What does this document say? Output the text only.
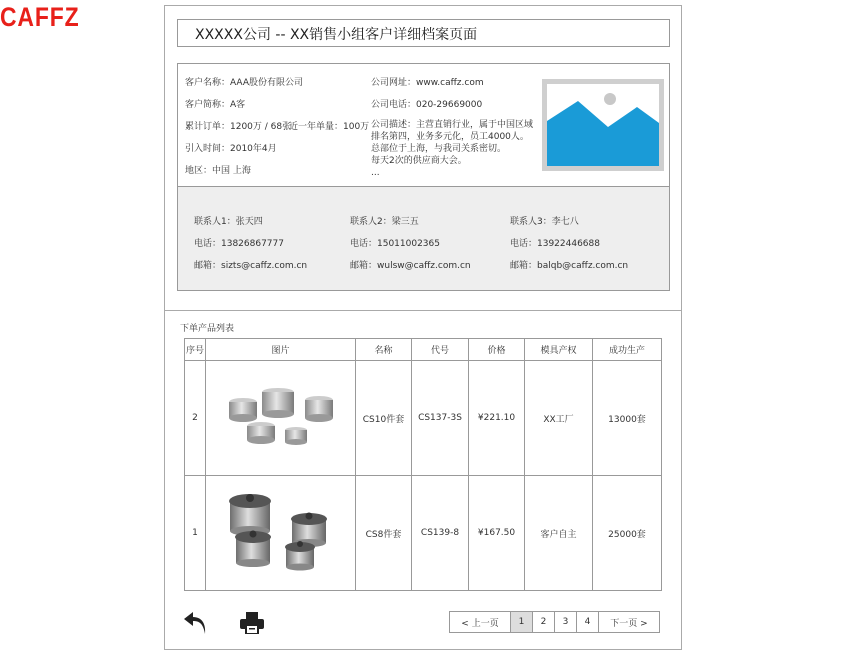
CAFFZ
XXXXX公司 -- XX销售小组客户详细档案页面
客户名称：AAA股份有限公司
客户简称：A客
累计订单：1200万 / 68张
近一年单量：100万
引入时间：2010年4月
地区：中国 上海
公司网址：www.caffz.com
公司电话：020-29669000
公司描述：主营直销行业，属于中国区域
排名第四，业务多元化，员工4000人。
总部位于上海，与我司关系密切。
每天2次的供应商大会。
...
联系人1：张天四
电话：13826867777
邮箱：sizts@caffz.com.cn
联系人2：梁三五
电话：15011002365
邮箱：wulsw@caffz.com.cn
联系人3：李七八
电话：13922446688
邮箱：balqb@caffz.com.cn
下单产品列表
序号	图片	名称	代号	价格	模具产权	成功生产
2		CS10件套	CS137-3S	¥221.10	XX工厂	13000套
1		CS8件套	CS139-8	¥167.50	客户自主	25000套
< 上一页	1	2	3	4	下一页 >
